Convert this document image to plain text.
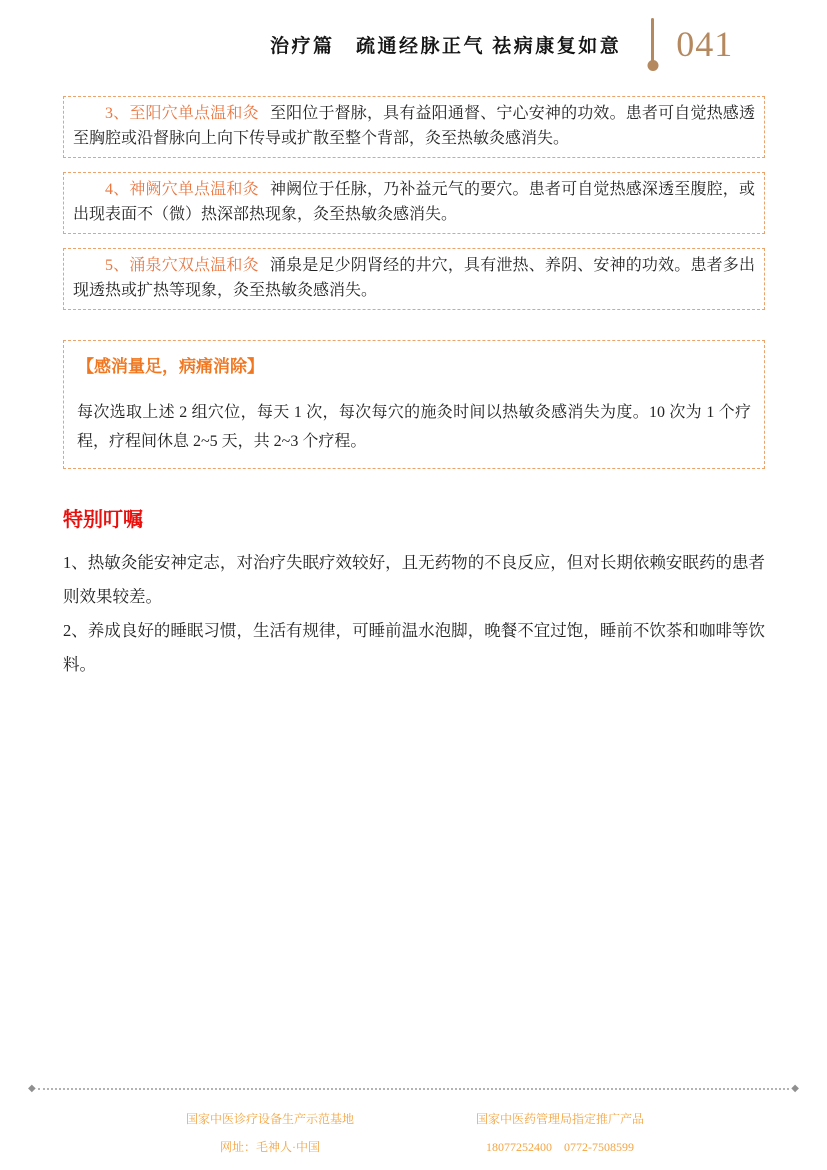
治疗篇　疏通经脉正气 祛病康复如意 041

3、至阳穴单点温和灸 至阳位于督脉，具有益阳通督、宁心安神的功效。患者可自觉热感透至胸腔或沿督脉向上向下传导或扩散至整个背部，灸至热敏灸感消失。

4、神阙穴单点温和灸 神阙位于任脉，乃补益元气的要穴。患者可自觉热感深透至腹腔，或出现表面不（微）热深部热现象，灸至热敏灸感消失。

5、涌泉穴双点温和灸 涌泉是足少阴肾经的井穴，具有泄热、养阴、安神的功效。患者多出现透热或扩热等现象，灸至热敏灸感消失。

【感消量足，病痛消除】

每次选取上述 2 组穴位，每天 1 次，每次每穴的施灸时间以热敏灸感消失为度。10 次为 1 个疗程，疗程间休息 2~5 天，共 2~3 个疗程。

特别叮嘱

1、热敏灸能安神定志，对治疗失眠疗效较好，且无药物的不良反应，但对长期依赖安眠药的患者则效果较差。

2、养成良好的睡眠习惯，生活有规律，可睡前温水泡脚，晚餐不宜过饱，睡前不饮茶和咖啡等饮料。

◆	◆

国家中医诊疗设备生产示范基地

网址：毛神人·中国

国家中医药管理局指定推广产品

18077252400　0772-7508599
